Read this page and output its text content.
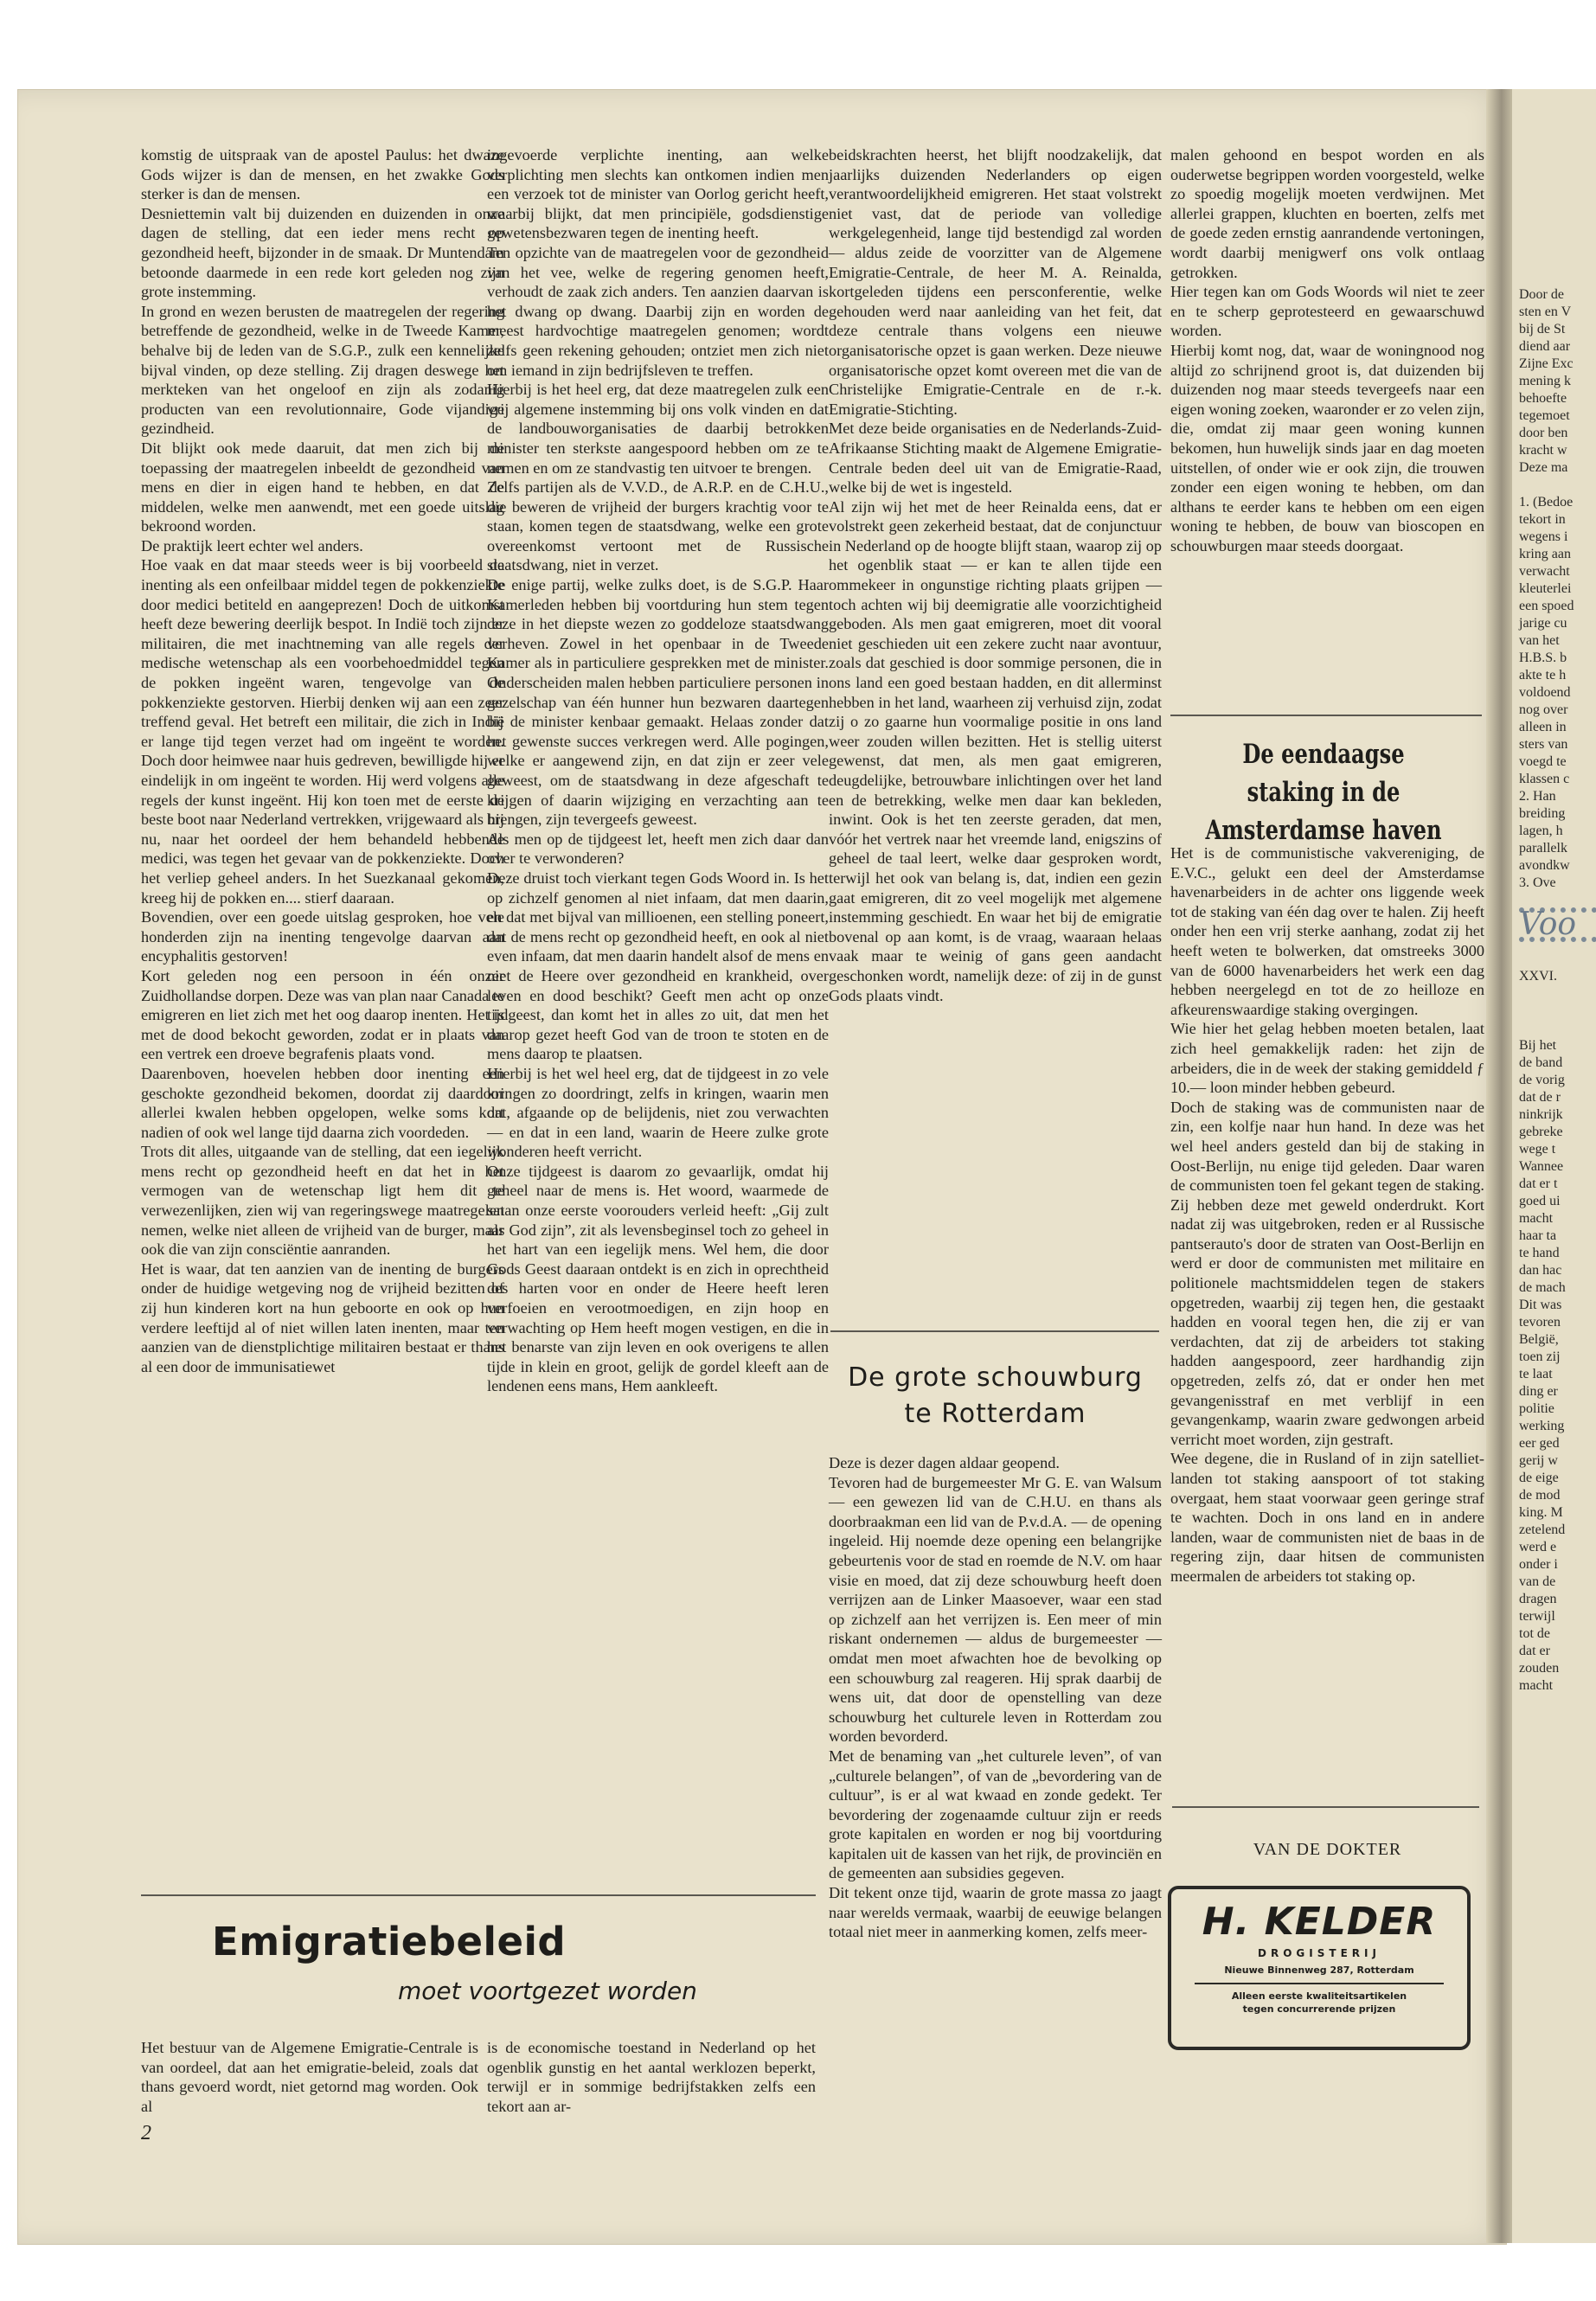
komstig de uitspraak van de apostel Paulus: het dwaze Gods wijzer is dan de mensen, en het zwakke Gods sterker is dan de mensen.

Desniettemin valt bij duizenden en duizenden in onze dagen de stelling, dat een ieder mens recht op gezondheid heeft, bijzonder in de smaak. Dr Muntendam betoonde daarmede in een rede kort geleden nog zijn grote instemming.

In grond en wezen berusten de maatregelen der regering betreffende de gezondheid, welke in de Tweede Kamer, behalve bij de leden van de S.G.P., zulk een kennelijke bijval vinden, op deze stelling. Zij dragen deswege het merkteken van het ongeloof en zijn als zodanig producten van een revolutionnaire, Gode vijandige gezindheid.

Dit blijkt ook mede daaruit, dat men zich bij de toepassing der maatregelen inbeeldt de gezondheid van mens en dier in eigen hand te hebben, en dat de middelen, welke men aanwendt, met een goede uitslag bekroond worden.

De praktijk leert echter wel anders.

Hoe vaak en dat maar steeds weer is bij voorbeeld de inenting als een onfeilbaar middel tegen de pokkenziekte door medici betiteld en aangeprezen! Doch de uitkomst heeft deze bewering deerlijk bespot. In Indië toch zijn er militairen, die met inachtneming van alle regels der medische wetenschap als een voorbehoedmiddel tegen de pokken ingeënt waren, tengevolge van de pokkenziekte gestorven. Hierbij denken wij aan een zeer treffend geval. Het betreft een militair, die zich in Indië er lange tijd tegen verzet had om ingeënt te worden. Doch door heimwee naar huis gedreven, bewilligde hij er eindelijk in om ingeënt te worden. Hij werd volgens alle regels der kunst ingeënt. Hij kon toen met de eerste de beste boot naar Nederland vertrekken, vrijgewaard als hij nu, naar het oordeel der hem behandeld hebbende medici, was tegen het gevaar van de pokkenziekte. Doch het verliep geheel anders. In het Suezkanaal gekomen, kreeg hij de pokken en.... stierf daaraan.

Bovendien, over een goede uitslag gesproken, hoe vele honderden zijn na inenting tengevolge daarvan aan encyphalitis gestorven!

Kort geleden nog een persoon in één onzer Zuidhollandse dorpen. Deze was van plan naar Canada te emigreren en liet zich met het oog daarop inenten. Het is met de dood bekocht geworden, zodat er in plaats van een vertrek een droeve begrafenis plaats vond.

Daarenboven, hoevelen hebben door inenting een geschokte gezondheid bekomen, doordat zij daardoor allerlei kwalen hebben opgelopen, welke soms kort nadien of ook wel lange tijd daarna zich voordeden.

Trots dit alles, uitgaande van de stelling, dat een iegelijk mens recht op gezondheid heeft en dat het in het vermogen van de wetenschap ligt hem dit te verwezenlijken, zien wij van regeringswege maatregelen nemen, welke niet alleen de vrijheid van de burger, maar ook die van zijn consciëntie aanranden.

Het is waar, dat ten aanzien van de inenting de burgers onder de huidige wetgeving nog de vrijheid bezitten of zij hun kinderen kort na hun geboorte en ook op hun verdere leeftijd al of niet willen laten inenten, maar ten aanzien van de dienstplichtige militairen bestaat er thans al een door de immunisatiewet

ingevoerde verplichte inenting, aan welke verplichting men slechts kan ontkomen indien men een verzoek tot de minister van Oorlog gericht heeft, waarbij blijkt, dat men principiële, godsdienstige gewetensbezwaren tegen de inenting heeft.

Ten opzichte van de maatregelen voor de gezondheid van het vee, welke de regering genomen heeft, verhoudt de zaak zich anders. Ten aanzien daarvan is het dwang op dwang. Daarbij zijn en worden de meest hardvochtige maatregelen genomen; wordt zelfs geen rekening gehouden; ontziet men zich niet om iemand in zijn bedrijfsleven te treffen.

Hierbij is het heel erg, dat deze maatregelen zulk een vrij algemene instemming bij ons volk vinden en dat de landbouworganisaties de daarbij betrokken minister ten sterkste aangespoord hebben om ze te nemen en om ze standvastig ten uitvoer te brengen.

Zelfs partijen als de V.V.D., de A.R.P. en de C.H.U., die beweren de vrijheid der burgers krachtig voor te staan, komen tegen de staatsdwang, welke een grote overeenkomst vertoont met de Russische staatsdwang, niet in verzet.

De enige partij, welke zulks doet, is de S.G.P. Haar Kamerleden hebben bij voortduring hun stem tegen deze in het diepste wezen zo goddeloze staatsdwang verheven. Zowel in het openbaar in de Tweede Kamer als in particuliere gesprekken met de minister. Onderscheiden malen hebben particuliere personen in gezelschap van één hunner hun bezwaren daartegen bij de minister kenbaar gemaakt. Helaas zonder dat het gewenste succes verkregen werd. Alle pogingen, welke er aangewend zijn, en dat zijn er zeer vele geweest, om de staatsdwang in deze afgeschaft te krijgen of daarin wijziging en verzachting aan te brengen, zijn tevergeefs geweest.

Als men op de tijdgeest let, heeft men zich daar dan over te verwonderen?

Deze druist toch vierkant tegen Gods Woord in. Is het op zichzelf genomen al niet infaam, dat men daarin, en dat met bijval van millioenen, een stelling poneert, dat de mens recht op gezondheid heeft, en ook al niet even infaam, dat men daarin handelt alsof de mens en niet de Heere over gezondheid en krankheid, over leven en dood beschikt? Geeft men acht op onze tijdgeest, dan komt het in alles zo uit, dat men het daarop gezet heeft God van de troon te stoten en de mens daarop te plaatsen.

Hierbij is het wel heel erg, dat de tijdgeest in zo vele kringen zo doordringt, zelfs in kringen, waarin men dat, afgaande op de belijdenis, niet zou verwachten — en dat in een land, waarin de Heere zulke grote wonderen heeft verricht.

Onze tijdgeest is daarom zo gevaarlijk, omdat hij geheel naar de mens is. Het woord, waarmede de satan onze eerste voorouders verleid heeft: „Gij zult als God zijn”, zit als levensbeginsel toch zo geheel in het hart van een iegelijk mens. Wel hem, die door Gods Geest daaraan ontdekt is en zich in oprechtheid des harten voor en onder de Heere heeft leren verfoeien en verootmoedigen, en zijn hoop en verwachting op Hem heeft mogen vestigen, en die in het benarste van zijn leven en ook overigens te allen tijde in klein en groot, gelijk de gordel kleeft aan de lendenen eens mans, Hem aankleeft.

beidskrachten heerst, het blijft noodzakelijk, dat jaarlijks duizenden Nederlanders op eigen verantwoordelijkheid emigreren. Het staat volstrekt niet vast, dat de periode van volledige werkgelegenheid, lange tijd bestendigd zal worden — aldus zeide de voorzitter van de Algemene Emigratie-Centrale, de heer M. A. Reinalda, kortgeleden tijdens een persconferentie, welke gehouden werd naar aanleiding van het feit, dat deze centrale thans volgens een nieuwe organisatorische opzet is gaan werken. Deze nieuwe organisatorische opzet komt overeen met die van de Christelijke Emigratie-Centrale en de r.-k. Emigratie-Stichting.

Met deze beide organisaties en de Nederlands-Zuid-Afrikaanse Stichting maakt de Algemene Emigratie-Centrale beden deel uit van de Emigratie-Raad, welke bij de wet is ingesteld.

Al zijn wij het met de heer Reinalda eens, dat er volstrekt geen zekerheid bestaat, dat de conjunctuur in Nederland op de hoogte blijft staan, waarop zij op het ogenblik staat — er kan te allen tijde een ommekeer in ongunstige richting plaats grijpen — toch achten wij bij deemigratie alle voorzichtigheid geboden. Als men gaat emigreren, moet dit vooral niet geschieden uit een zekere zucht naar avontuur, zoals dat geschied is door sommige personen, die in ons land een goed bestaan hadden, en dit allerminst hebben in het land, waarheen zij verhuisd zijn, zodat zij o zo gaarne hun voormalige positie in ons land weer zouden willen bezitten. Het is stellig uiterst gewenst, dat men, als men gaat emigreren, deugdelijke, betrouwbare inlichtingen over het land en de betrekking, welke men daar kan bekleden, inwint. Ook is het ten zeerste geraden, dat men, vóór het vertrek naar het vreemde land, enigszins of geheel de taal leert, welke daar gesproken wordt, terwijl het ook van belang is, dat, indien een gezin gaat emigreren, dit zo veel mogelijk met algemene instemming geschiedt. En waar het bij de emigratie bovenal op aan komt, is de vraag, waaraan helaas vaak maar te weinig of gans geen aandacht geschonken wordt, namelijk deze: of zij in de gunst Gods plaats vindt.

malen gehoond en bespot worden en als ouderwetse begrippen worden voorgesteld, welke zo spoedig mogelijk moeten verdwijnen. Met allerlei grappen, kluchten en boerten, zelfs met de goede zeden ernstig aanrandende vertoningen, wordt daarbij menigwerf ons volk ontlaag getrokken.

Hier tegen kan om Gods Woords wil niet te zeer en te scherp geprotesteerd en gewaarschuwd worden.

Hierbij komt nog, dat, waar de woningnood nog altijd zo schrijnend groot is, dat duizenden bij duizenden nog maar steeds tevergeefs naar een eigen woning zoeken, waaronder er zo velen zijn, die, omdat zij maar geen woning kunnen bekomen, hun huwelijk sinds jaar en dag moeten uitstellen, of onder wie er ook zijn, die trouwen zonder een eigen woning te hebben, om dan althans te eerder kans te hebben om een eigen woning te hebben, de bouw van bioscopen en schouwburgen maar steeds doorgaat.

De eendaagse staking in de
Amsterdamse haven

Het is de communistische vakvereniging, de E.V.C., gelukt een deel der Amsterdamse havenarbeiders in de achter ons liggende week tot de staking van één dag over te halen. Zij heeft onder hen een vrij sterke aanhang, zodat zij het heeft weten te bolwerken, dat omstreeks 3000 van de 6000 havenarbeiders het werk een dag hebben neergelegd en tot de zo heilloze en afkeurenswaardige staking overgingen.

Wie hier het gelag hebben moeten betalen, laat zich heel gemakkelijk raden: het zijn de arbeiders, die in de week der staking gemiddeld ƒ 10.— loon minder hebben gebeurd.

Doch de staking was de communisten naar de zin, een kolfje naar hun hand. In deze was het wel heel anders gesteld dan bij de staking in Oost-Berlijn, nu enige tijd geleden. Daar waren de communisten toen fel gekant tegen de staking. Zij hebben deze met geweld onderdrukt. Kort nadat zij was uitgebroken, reden er al Russische pantserauto's door de straten van Oost-Berlijn en werd er door de communisten met militaire en politionele machtsmiddelen tegen de stakers opgetreden, waarbij zij tegen hen, die gestaakt hadden en vooral tegen hen, die zij er van verdachten, dat zij de arbeiders tot staking hadden aangespoord, zeer hardhandig zijn opgetreden, zelfs zó, dat er onder hen met gevangenisstraf en met verblijf in een gevangenkamp, waarin zware gedwongen arbeid verricht moet worden, zijn gestraft.

Wee degene, die in Rusland of in zijn satelliet-landen tot staking aanspoort of tot staking overgaat, hem staat voorwaar geen geringe straf te wachten. Doch in ons land en in andere landen, waar de communisten niet de baas in de regering zijn, daar hitsen de communisten meermalen de arbeiders tot staking op.

De grote schouwburg
te Rotterdam

Deze is dezer dagen aldaar geopend.

Tevoren had de burgemeester Mr G. E. van Walsum — een gewezen lid van de C.H.U. en thans als doorbraakman een lid van de P.v.d.A. — de opening ingeleid. Hij noemde deze opening een belangrijke gebeurtenis voor de stad en roemde de N.V. om haar visie en moed, dat zij deze schouwburg heeft doen verrijzen aan de Linker Maasoever, waar een stad op zichzelf aan het verrijzen is. Een meer of min riskant ondernemen — aldus de burgemeester — omdat men moet afwachten hoe de bevolking op een schouwburg zal reageren. Hij sprak daarbij de wens uit, dat door de openstelling van deze schouwburg het culturele leven in Rotterdam zou worden bevorderd.

Met de benaming van „het culturele leven”, of van „culturele belangen”, of van de „bevordering van de cultuur”, is er al wat kwaad en zonde gedekt. Ter bevordering der zogenaamde cultuur zijn er reeds grote kapitalen en worden er nog bij voortduring kapitalen uit de kassen van het rijk, de provinciën en de gemeenten aan subsidies gegeven.

Dit tekent onze tijd, waarin de grote massa zo jaagt naar werelds vermaak, waarbij de eeuwige belangen totaal niet meer in aanmerking komen, zelfs meer-

Emigratiebeleid
moet voortgezet worden

Het bestuur van de Algemene Emigratie-Centrale is van oordeel, dat aan het emigratie-beleid, zoals dat thans gevoerd wordt, niet getornd mag worden. Ook al

is de economische toestand in Nederland op het ogenblik gunstig en het aantal werklozen beperkt, terwijl er in sommige bedrijfstakken zelfs een tekort aan ar-

VAN DE DOKTER
H. KELDER
DROGISTERIJ
Nieuwe Binnenweg 287, Rotterdam
Alleen eerste kwaliteitsartikelen
tegen concurrerende prijzen
2
Door de
sten en V
bij de St
diend aar
Zijne Exc
mening k
behoefte
tegemoet
door ben
kracht w
Deze ma

1. (Bedoe
tekort in
wegens i
kring aan
verwacht
kleuterlei
een spoed
jarige cu
van het
H.B.S. b
akte te h
voldoend
nog over
alleen in
sters van
voegd te
klassen c
2. Han
breiding
lagen, h
parallelk
avondkw
3. Ove
Voo
XXVI.
Bij het
de band
de vorig
dat de r
ninkrijk
gebreke
wege t
Wannee
dat er t
goed ui
macht
haar ta
te hand
dan hac
de mach
Dit was
tevoren
België,
toen zij
te laat
ding er
politie
werking
eer ged
gerij w
de eige
de mod
king. M
zetelend
werd e
onder i
van de
dragen
terwijl
tot de
dat er
zouden
macht
